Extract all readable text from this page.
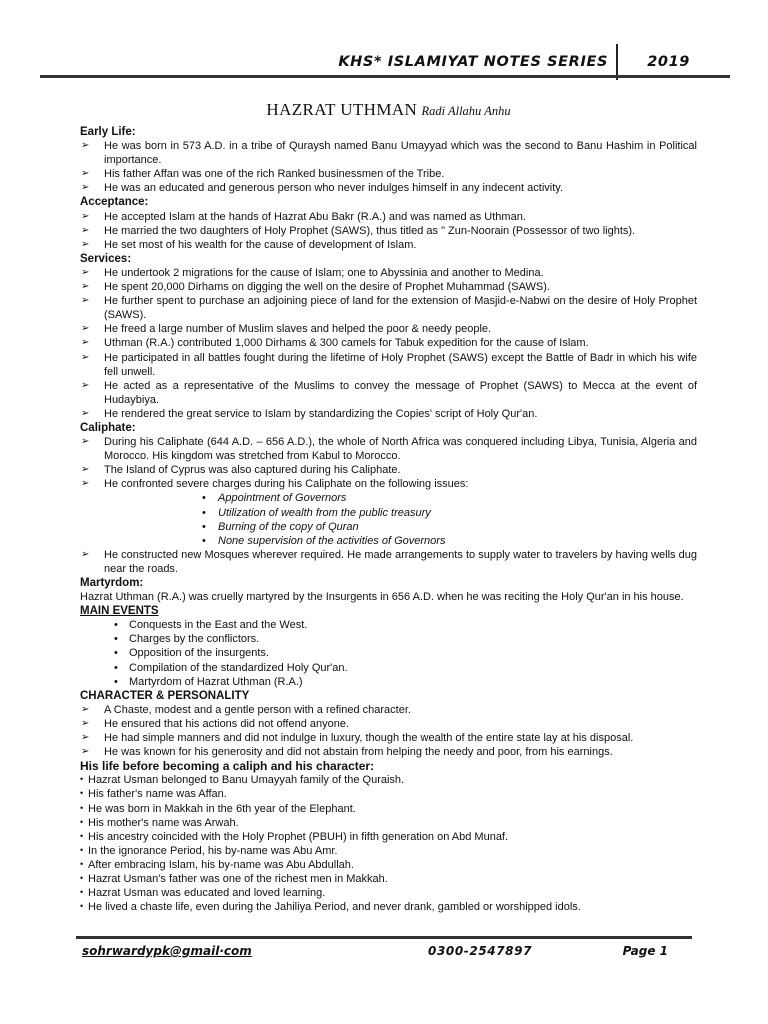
KHS* ISLAMIYAT NOTES SERIES	2019
HAZRAT UTHMAN Radi Allahu Anhu
Early Life:
➢ He was born in 573 A.D. in a tribe of Quraysh named Banu Umayyad which was the second to Banu Hashim in Political importance.
➢ His father Affan was one of the rich Ranked businessmen of the Tribe.
➢ He was an educated and generous person who never indulges himself in any indecent activity.
Acceptance:
➢ He accepted Islam at the hands of Hazrat Abu Bakr (R.A.) and was named as Uthman.
➢ He married the two daughters of Holy Prophet (SAWS), thus titled as " Zun-Noorain (Possessor of two lights).
➢ He set most of his wealth for the cause of development of Islam.
Services:
➢ He undertook 2 migrations for the cause of Islam; one to Abyssinia and another to Medina.
➢ He spent 20,000 Dirhams on digging the well on the desire of Prophet Muhammad (SAWS).
➢ He further spent to purchase an adjoining piece of land for the extension of Masjid-e-Nabwi on the desire of Holy Prophet (SAWS).
➢ He freed a large number of Muslim slaves and helped the poor & needy people.
➢ Uthman (R.A.) contributed 1,000 Dirhams & 300 camels for Tabuk expedition for the cause of Islam.
➢ He participated in all battles fought during the lifetime of Holy Prophet (SAWS) except the Battle of Badr in which his wife fell unwell.
➢ He acted as a representative of the Muslims to convey the message of Prophet (SAWS) to Mecca at the event of Hudaybiya.
➢ He rendered the great service to Islam by standardizing the Copies' script of Holy Qur'an.
Caliphate:
➢ During his Caliphate (644 A.D. – 656 A.D.), the whole of North Africa was conquered including Libya, Tunisia, Algeria and Morocco. His kingdom was stretched from Kabul to Morocco.
➢ The Island of Cyprus was also captured during his Caliphate.
➢ He confronted severe charges during his Caliphate on the following issues:
• Appointment of Governors
• Utilization of wealth from the public treasury
• Burning of the copy of Quran
• None supervision of the activities of Governors
➢ He constructed new Mosques wherever required. He made arrangements to supply water to travelers by having wells dug near the roads.
Martyrdom:

Hazrat Uthman (R.A.) was cruelly martyred by the Insurgents in 656 A.D. when he was reciting the Holy Qur'an in his house.

MAIN EVENTS
• Conquests in the East and the West.
• Charges by the conflictors.
• Opposition of the insurgents.
• Compilation of the standardized Holy Qur'an.
• Martyrdom of Hazrat Uthman (R.A.)
CHARACTER & PERSONALITY
➢ A Chaste, modest and a gentle person with a refined character.
➢ He ensured that his actions did not offend anyone.
➢ He had simple manners and did not indulge in luxury, though the wealth of the entire state lay at his disposal.
➢ He was known for his generosity and did not abstain from helping the needy and poor, from his earnings.
His life before becoming a caliph and his character:
• Hazrat Usman belonged to Banu Umayyah family of the Quraish.
• His father's name was Affan.
• He was born in Makkah in the 6th year of the Elephant.
• His mother's name was Arwah.
• His ancestry coincided with the Holy Prophet (PBUH) in fifth generation on Abd Munaf.
• In the ignorance Period, his by-name was Abu Amr.
• After embracing Islam, his by-name was Abu Abdullah.
• Hazrat Usman's father was one of the richest men in Makkah.
• Hazrat Usman was educated and loved learning.
• He lived a chaste life, even during the Jahiliya Period, and never drank, gambled or worshipped idols.
sohrwardypk@gmail·com	0300-2547897	Page 1
